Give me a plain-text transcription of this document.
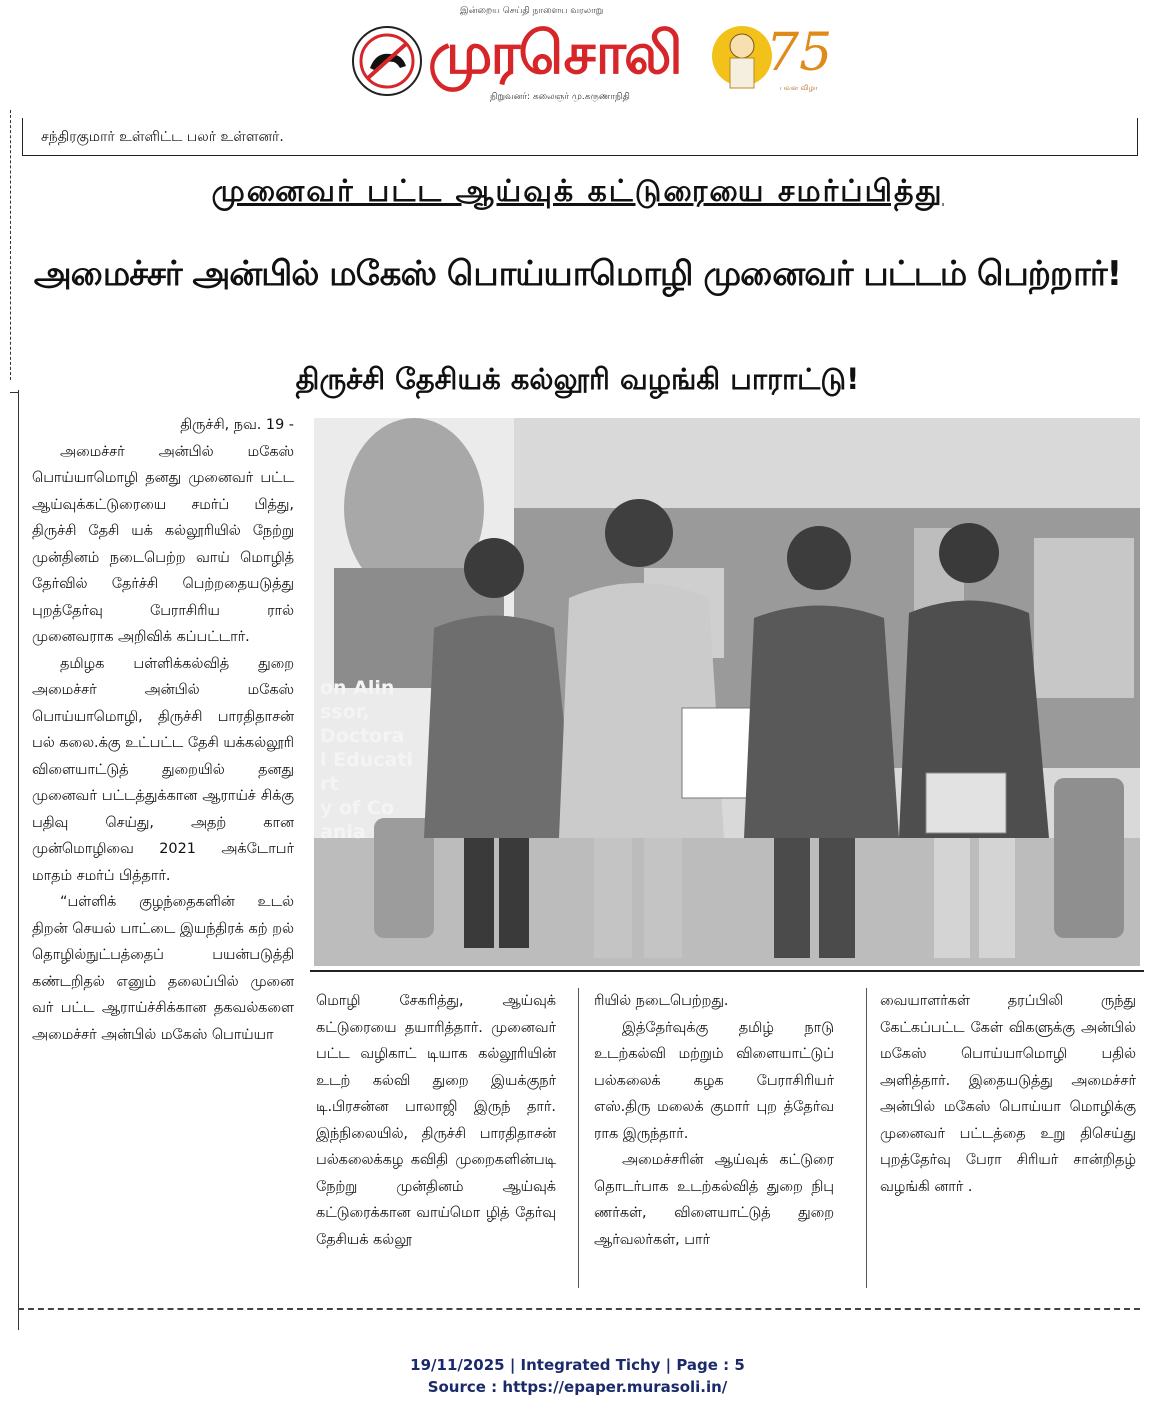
இன்றைய செய்தி நாளைய வரலாறு
முரசொலி
நிறுவனர்: கலைஞர் மு.கருணாநிதி
75
பவள விழா
சந்திரகுமார் உள்ளிட்ட பலர் உள்ளனர்.
முனைவர் பட்ட ஆய்வுக் கட்டுரையை சமர்ப்பித்து
அமைச்சர் அன்பில் மகேஸ் பொய்யாமொழி முனைவர் பட்டம் பெற்றார்!
திருச்சி தேசியக் கல்லூரி வழங்கி பாராட்டு!
திருச்சி, நவ. 19 -

அமைச்சர் அன்பில் மகேஸ் பொய்யாமொழி தனது முனைவர் பட்ட ஆய்வுக்கட்டுரையை சமர்ப் பித்து, திருச்சி தேசி யக் கல்லூரியில் நேற்று முன்தினம் நடைபெற்ற வாய் மொழித் தேர்வில் தேர்ச்சி பெற்றதையடுத்து புறத்தேர்வு பேராசிரிய ரால் முனைவராக அறிவிக் கப்பட்டார்.

தமிழக பள்ளிக்கல்வித் துறை அமைச்சர் அன்பில் மகேஸ் பொய்யாமொழி, திருச்சி பாரதிதாசன் பல் கலை.க்கு உட்பட்ட தேசி யக்கல்லூரி விளையாட்டுத் துறையில் தனது முனைவர் பட்டத்துக்கான ஆராய்ச் சிக்கு பதிவு செய்து, அதற் கான முன்மொழிவை 2021 அக்டோபர் மாதம் சமர்ப் பித்தார்.

“பள்ளிக் குழந்தைகளின் உடல் திறன் செயல் பாட்டை இயந்திரக் கற் றல் தொழில்நுட்பத்தைப் பயன்படுத்தி கண்டறிதல் எனும் தலைப்பில் முனை வர் பட்ட ஆராய்ச்சிக்கான தகவல்களை அமைச்சர் அன்பில் மகேஸ் பொய்யா

on Alin
ssor,
Doctora
l Educati
rt
y of Co
ania

மொழி சேகரித்து, ஆய்வுக் கட்டுரையை தயாரித்தார். முனைவர் பட்ட வழிகாட் டியாக கல்லூரியின் உடற் கல்வி துறை இயக்குநர் டி.பிரசன்ன பாலாஜி இருந் தார். இந்நிலையில், திருச்சி பாரதிதாசன் பல்கலைக்கழ கவிதி முறைகளின்படி நேற்று முன்தினம் ஆய்வுக் கட்டுரைக்கான வாய்மொ ழித் தேர்வு தேசியக் கல்லூ

ரியில் நடைபெற்றது.

இத்தேர்வுக்கு தமிழ் நாடு உடற்கல்வி மற்றும் விளையாட்டுப் பல்கலைக் கழக பேராசிரியர் எஸ்.திரு மலைக் குமார் புற த்தேர்வ ராக இருந்தார்.

அமைச்சரின் ஆய்வுக் கட்டுரை தொடர்பாக உடற்கல்வித் துறை நிபு ணர்கள், விளையாட்டுத் துறை ஆர்வலர்கள், பார்

வையாளர்கள் தரப்பிலி ருந்து கேட்கப்பட்ட கேள் விகளுக்கு அன்பில் மகேஸ் பொய்யாமொழி பதில் அளித்தார். இதையடுத்து அமைச்சர் அன்பில் மகேஸ் பொய்யா மொழிக்கு முனைவர் பட்டத்தை உறு திசெய்து புறத்தேர்வு பேரா சிரியர் சான்றிதழ் வழங்கி னார் .

19/11/2025 | Integrated Tichy | Page : 5
Source : https://epaper.murasoli.in/
